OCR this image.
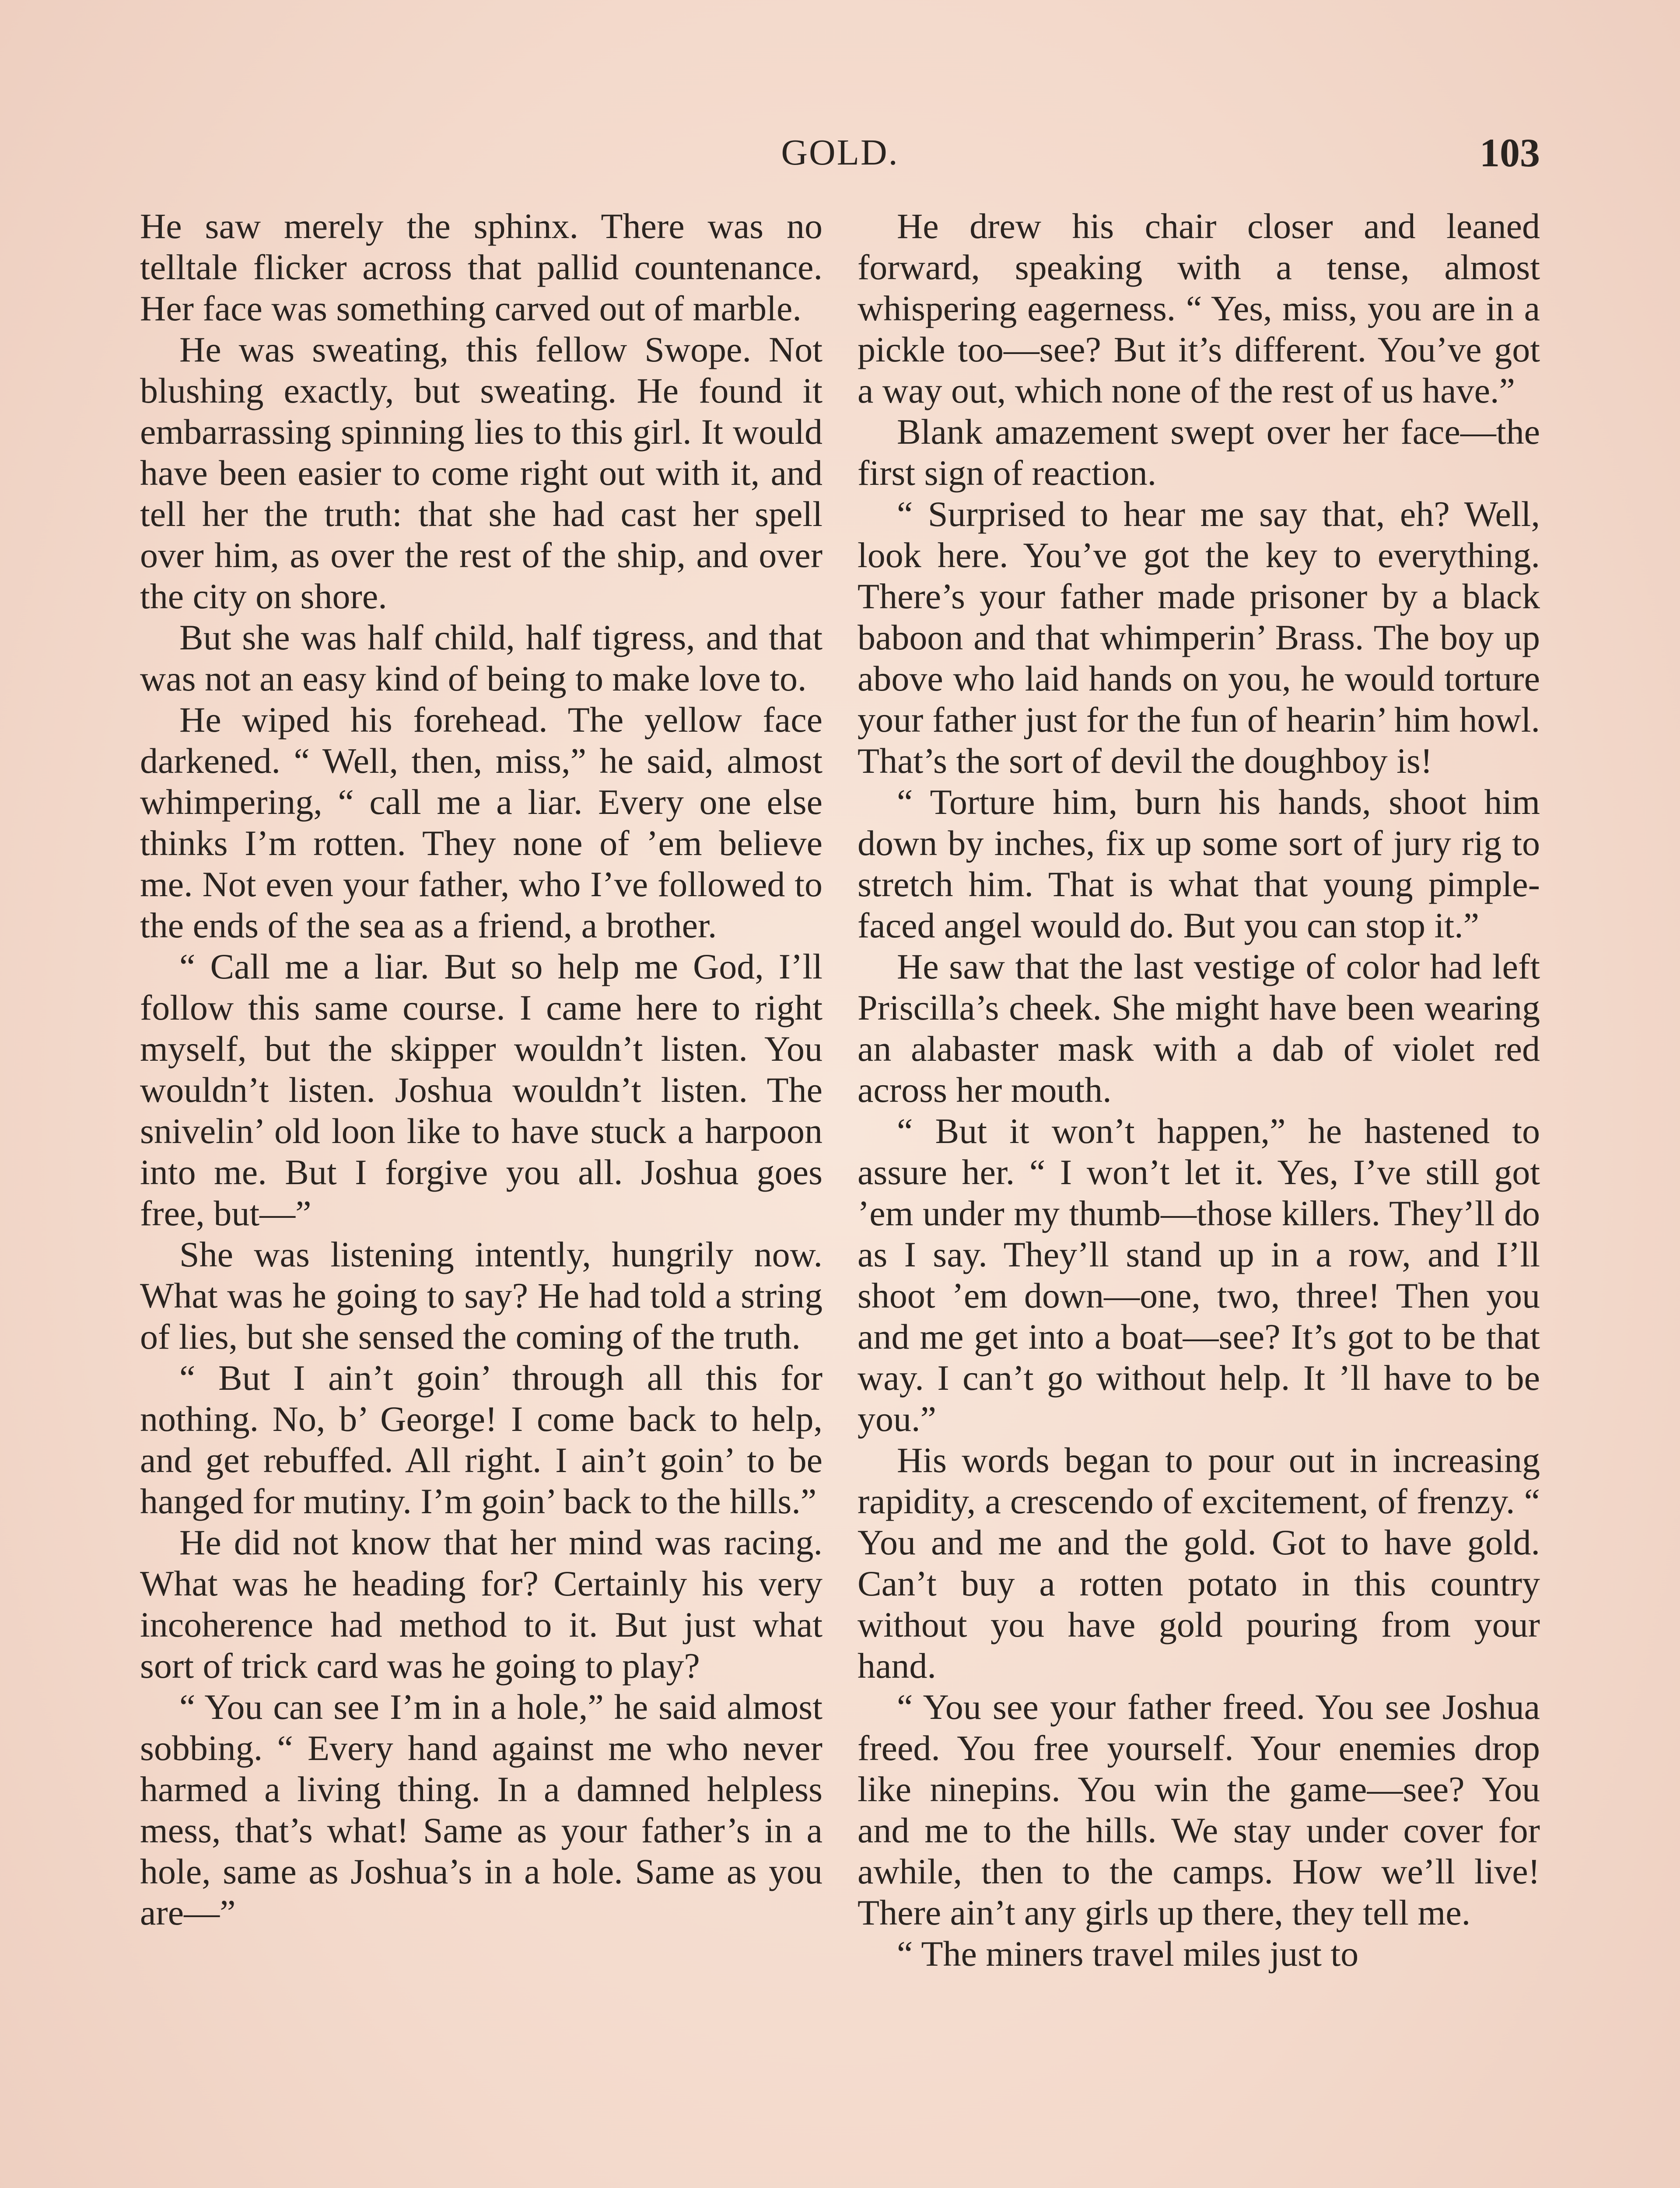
GOLD.	103

He saw merely the sphinx. There was no telltale flicker across that pallid countenance. Her face was something carved out of marble.

He was sweating, this fellow Swope. Not blushing exactly, but sweating. He found it embarrassing spinning lies to this girl. It would have been easier to come right out with it, and tell her the truth: that she had cast her spell over him, as over the rest of the ship, and over the city on shore.

But she was half child, half tigress, and that was not an easy kind of being to make love to.

He wiped his forehead. The yellow face darkened. “ Well, then, miss,” he said, almost whimpering, “ call me a liar. Every one else thinks I’m rotten. They none of ’em believe me. Not even your father, who I’ve followed to the ends of the sea as a friend, a brother.

“ Call me a liar. But so help me God, I’ll follow this same course. I came here to right myself, but the skipper wouldn’t listen. You wouldn’t listen. Joshua wouldn’t listen. The snivelin’ old loon like to have stuck a harpoon into me. But I forgive you all. Joshua goes free, but—”

She was listening intently, hungrily now. What was he going to say? He had told a string of lies, but she sensed the coming of the truth.

“ But I ain’t goin’ through all this for nothing. No, b’ George! I come back to help, and get rebuffed. All right. I ain’t goin’ to be hanged for mutiny. I’m goin’ back to the hills.”

He did not know that her mind was racing. What was he heading for? Certainly his very incoherence had method to it. But just what sort of trick card was he going to play?

“ You can see I’m in a hole,” he said almost sobbing. “ Every hand against me who never harmed a living thing. In a damned helpless mess, that’s what! Same as your father’s in a hole, same as Joshua’s in a hole. Same as you are—”

He drew his chair closer and leaned forward, speaking with a tense, almost whispering eagerness. “ Yes, miss, you are in a pickle too—see? But it’s different. You’ve got a way out, which none of the rest of us have.”

Blank amazement swept over her face—the first sign of reaction.

“ Surprised to hear me say that, eh? Well, look here. You’ve got the key to everything. There’s your father made prisoner by a black baboon and that whimperin’ Brass. The boy up above who laid hands on you, he would torture your father just for the fun of hearin’ him howl. That’s the sort of devil the doughboy is!

“ Torture him, burn his hands, shoot him down by inches, fix up some sort of jury rig to stretch him. That is what that young pimple-faced angel would do. But you can stop it.”

He saw that the last vestige of color had left Priscilla’s cheek. She might have been wearing an alabaster mask with a dab of violet red across her mouth.

“ But it won’t happen,” he hastened to assure her. “ I won’t let it. Yes, I’ve still got ’em under my thumb—those killers. They’ll do as I say. They’ll stand up in a row, and I’ll shoot ’em down—one, two, three! Then you and me get into a boat—see? It’s got to be that way. I can’t go without help. It ’ll have to be you.”

His words began to pour out in increasing rapidity, a crescendo of excitement, of frenzy. “ You and me and the gold. Got to have gold. Can’t buy a rotten potato in this country without you have gold pouring from your hand.

“ You see your father freed. You see Joshua freed. You free yourself. Your enemies drop like ninepins. You win the game—see? You and me to the hills. We stay under cover for awhile, then to the camps. How we’ll live! There ain’t any girls up there, they tell me.

“ The miners travel miles just to
